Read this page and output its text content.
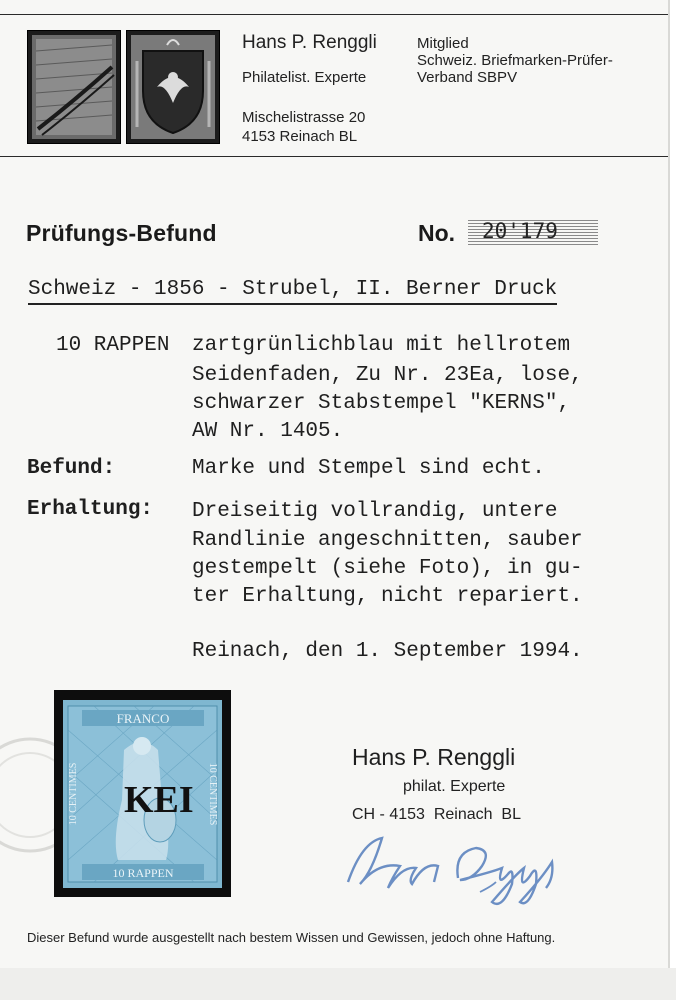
Hans P. Renggli
Philatelist. Experte
Mischelistrasse 20
4153 Reinach BL
Mitglied
Schweiz. Briefmarken-Prüfer-
Verband SBPV
Prüfungs-Befund	No. 20'179
Schweiz - 1856 - Strubel, II. Berner Druck
10 RAPPEN zartgrünlichblau mit hellrotem
Seidenfaden, Zu Nr. 23Ea, lose,
schwarzer Stabstempel "KERNS",
AW Nr. 1405.
Befund:	Marke und Stempel sind echt.
Erhaltung: Dreiseitig vollrandig, untere
Randlinie angeschnitten, sauber
gestempelt (siehe Foto), in gu-
ter Erhaltung, nicht repariert.
Reinach, den 1. September 1994.
FRANCO
10 RAPPEN
10 CENTIMES	10 CENTIMES
KEI
Hans P. Renggli
philat. Experte
CH - 4153  Reinach  BL
Dieser Befund wurde ausgestellt nach bestem Wissen und Gewissen, jedoch ohne Haftung.
